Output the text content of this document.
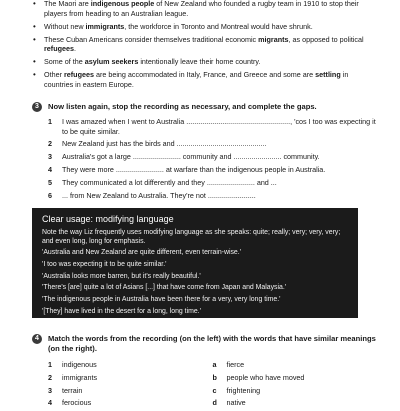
• The Maori are indigenous people of New Zealand who founded a rugby team in 1910 to stop their players from heading to an Australian league.
• Without new immigrants, the workforce in Toronto and Montreal would have shrunk.
• These Cuban Americans consider themselves traditional economic migrants, as opposed to political refugees.
• Some of the asylum seekers intentionally leave their home country.
• Other refugees are being accommodated in Italy, France, and Greece and some are settling in countries in eastern Europe.
3	Now listen again, stop the recording as necessary, and complete the gaps.
1	I was amazed when I went to Australia ...................................................., 'cos I too was expecting it to be quite similar.
2	New Zealand just has the birds and .............................................
3	Australia's got a large ........................ community and ........................ community.
4	They were more ........................ at warfare than the indigenous people in Australia.
5	They communicated a lot differently and they ........................ and ...
6	... from New Zealand to Australia. They're not ........................
Clear usage: modifying language
Note the way Liz frequently uses modifying language as she speaks: quite; really; very; very, very; and even long, long for emphasis.
'Australia and New Zealand are quite different, even terrain-wise.'
'I too was expecting it to be quite similar.'
'Australia looks more barren, but it's really beautiful.'
'There's [are] quite a lot of Asians [...] that have come from Japan and Malaysia.'
'The indigenous people in Australia have been there for a very, very long time.'
'[They] have lived in the desert for a long, long time.'
4	Match the words from the recording (on the left) with the words that have similar meanings (on the right).
1	indigenous
2	immigrants
3	terrain
4	ferocious
a	fierce
b	people who have moved
c	frightening
d	native
